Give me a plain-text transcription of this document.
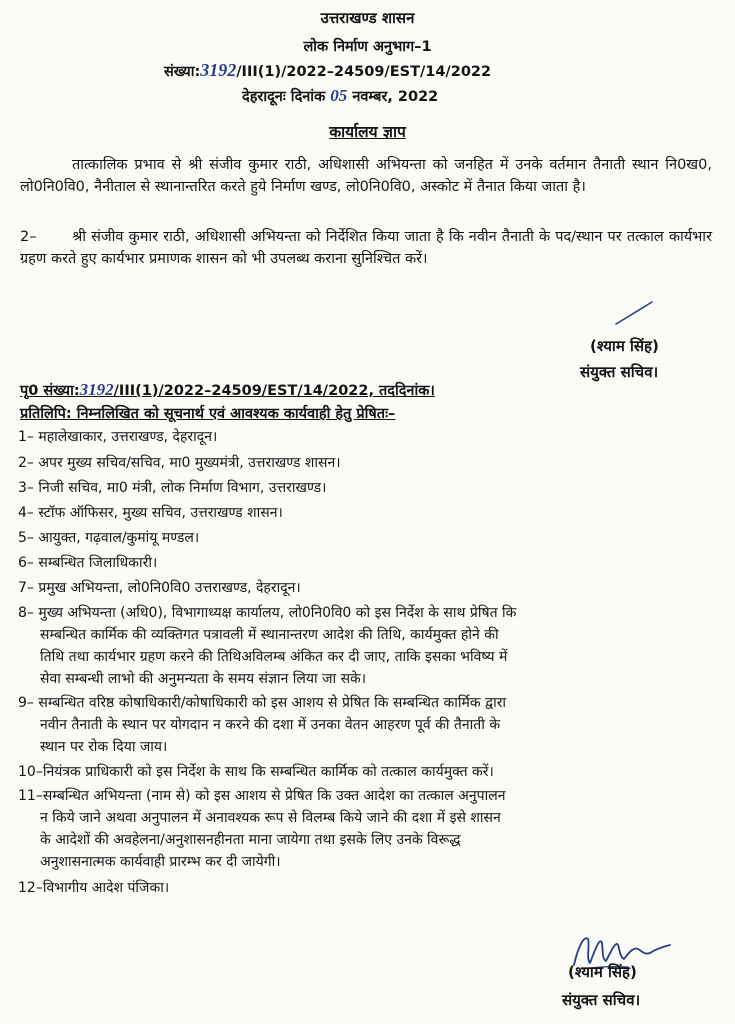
उत्तराखण्ड शासन
लोक निर्माण अनुभाग–1
संख्या:3192/III(1)/2022–24509/EST/14/2022
देहरादूनः दिनांक 05 नवम्बर, 2022
कार्यालय ज्ञाप
तात्कालिक प्रभाव से श्री संजीव कुमार राठी, अधिशासी अभियन्ता को जनहित में उनके वर्तमान तैनाती स्थान नि0ख0, लो0नि0वि0, नैनीताल से स्थानान्तरित करते हुये निर्माण खण्ड, लो0नि0वि0, अस्कोट में तैनात किया जाता है।
2– श्री संजीव कुमार राठी, अधिशासी अभियन्ता को निर्देशित किया जाता है कि नवीन तैनाती के पद/स्थान पर तत्काल कार्यभार ग्रहण करते हुए कार्यभार प्रमाणक शासन को भी उपलब्ध कराना सुनिश्चित करें।
(श्याम सिंह)
संयुक्त सचिव।
पृ0 संख्या:3192/III(1)/2022–24509/EST/14/2022, तददिनांक।
प्रतिलिपि: निम्नलिखित को सूचनार्थ एवं आवश्यक कार्यवाही हेतु प्रेषितः–
1– महालेखाकार, उत्तराखण्ड, देहरादून।
2– अपर मुख्य सचिव/सचिव, मा0 मुख्यमंत्री, उत्तराखण्ड शासन।
3– निजी सचिव, मा0 मंत्री, लोक निर्माण विभाग, उत्तराखण्ड।
4– स्टॉफ ऑफिसर, मुख्य सचिव, उत्तराखण्ड शासन।
5– आयुक्त, गढ़वाल/कुमांयू मण्डल।
6– सम्बन्धित जिलाधिकारी।
7– प्रमुख अभियन्ता, लो0नि0वि0 उत्तराखण्ड, देहरादून।
8– मुख्य अभियन्ता (अधि0), विभागाध्यक्ष कार्यालय, लो0नि0वि0 को इस निर्देश के साथ प्रेषित कि
सम्बन्धित कार्मिक की व्यक्तिगत पत्रावली में स्थानान्तरण आदेश की तिथि, कार्यमुक्त होने की
तिथि तथा कार्यभार ग्रहण करने की तिथिअविलम्ब अंकित कर दी जाए, ताकि इसका भविष्य में
सेवा सम्बन्धी लाभो की अनुमन्यता के समय संज्ञान लिया जा सके।
9– सम्बन्धित वरिष्ठ कोषाधिकारी/कोषाधिकारी को इस आशय से प्रेषित कि सम्बन्धित कार्मिक द्वारा
नवीन तैनाती के स्थान पर योगदान न करने की दशा में उनका वेतन आहरण पूर्व की तैनाती के
स्थान पर रोक दिया जाय।
10–नियंत्रक प्राधिकारी को इस निर्देश के साथ कि सम्बन्धित कार्मिक को तत्काल कार्यमुक्त करें।
11–सम्बन्धित अभियन्ता (नाम से) को इस आशय से प्रेषित कि उक्त आदेश का तत्काल अनुपालन
न किये जाने अथवा अनुपालन में अनावश्यक रूप से विलम्ब किये जाने की दशा में इसे शासन
के आदेशों की अवहेलना/अनुशासनहीनता माना जायेगा तथा इसके लिए उनके विरूद्ध
अनुशासनात्मक कार्यवाही प्रारम्भ कर दी जायेगी।
12–विभागीय आदेश पंजिका।
(श्याम सिंह)
संयुक्त सचिव।
